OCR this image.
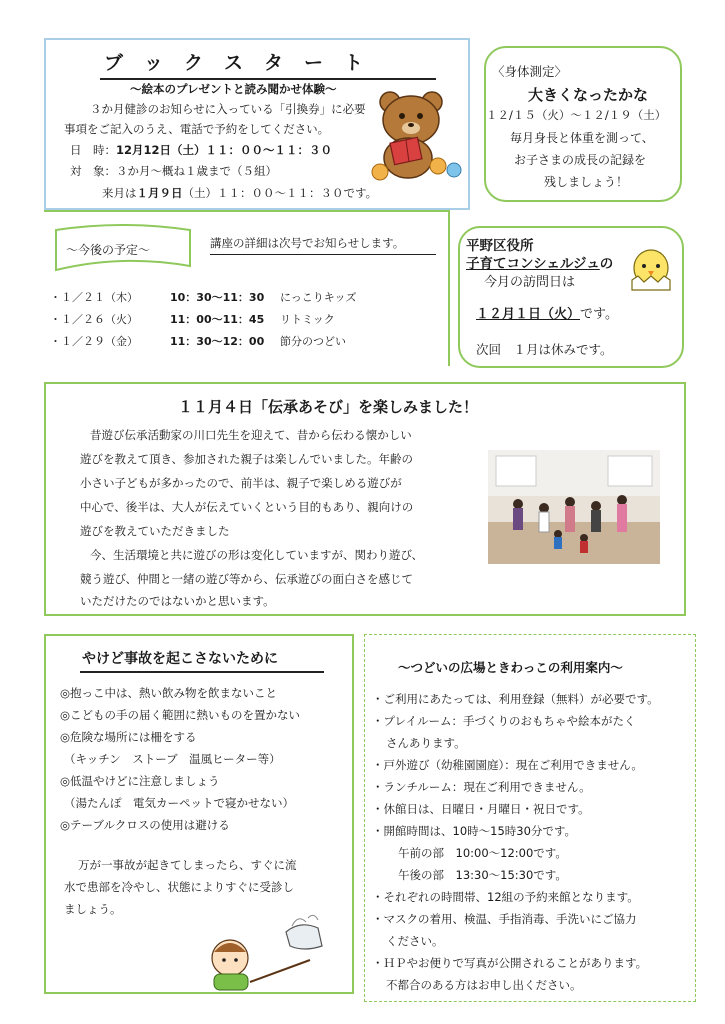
ブ　ッ　ク　ス　タ　ー　ト
～絵本のプレゼントと読み聞かせ体験～
３か月健診のお知らせに入っている「引換券」に必要
事項をご記入のうえ、電話で予約をしてください。
日　時：12月12日（土）１１：００～１１：３０
対　象：３か月～概ね１歳まで（５組）
来月は１月９日（土）１１：００～１１：３０です。
〈身体測定〉
大きくなったかな
１２/１５（火）～１２/１９（土）
毎月身長と体重を測って、
お子さまの成長の記録を
残しましょう！
～今後の予定～	講座の詳細は次号でお知らせします。
・１／２１（木）	10：30～11：30 にっこりキッズ
・１／２６（火）	11：00～11：45 リトミック
・１／２９（金）	11：30～12：00 節分のつどい
平野区役所
子育てコンシェルジュの
今月の訪問日は
１２月１日（火）です。
次回　１月は休みです。
１１月４日「伝承あそび」を楽しみました！
昔遊び伝承活動家の川口先生を迎えて、昔から伝わる懐かしい
遊びを教えて頂き、参加された親子は楽しんでいました。年齢の
小さい子どもが多かったので、前半は、親子で楽しめる遊びが
中心で、後半は、大人が伝えていくという目的もあり、親向けの
遊びを教えていただきました
今、生活環境と共に遊びの形は変化していますが、関わり遊び、
競う遊び、仲間と一緒の遊び等から、伝承遊びの面白さを感じて
いただけたのではないかと思います。
やけど事故を起こさないために
◎抱っこ中は、熱い飲み物を飲まないこと
◎こどもの手の届く範囲に熱いものを置かない
◎危険な場所には柵をする
（キッチン　ストーブ　温風ヒーター等）
◎低温やけどに注意しましょう
（湯たんぽ　電気カーペットで寝かせない）
◎テーブルクロスの使用は避ける
万が一事故が起きてしまったら、すぐに流
水で患部を冷やし、状態によりすぐに受診し
ましょう。
～つどいの広場ときわっこの利用案内～
・ご利用にあたっては、利用登録（無料）が必要です。
・プレイルーム：手づくりのおもちゃや絵本がたく
さんあります。
・戸外遊び（幼稚園園庭）：現在ご利用できません。
・ランチルーム：現在ご利用できません。
・休館日は、日曜日・月曜日・祝日です。
・開館時間は、10時～15時30分です。
午前の部　10:00～12:00です。
午後の部　13:30～15:30です。
・それぞれの時間帯、12組の予約来館となります。
・マスクの着用、検温、手指消毒、手洗いにご協力
ください。
・ＨＰやお便りで写真が公開されることがあります。
不都合のある方はお申し出ください。
